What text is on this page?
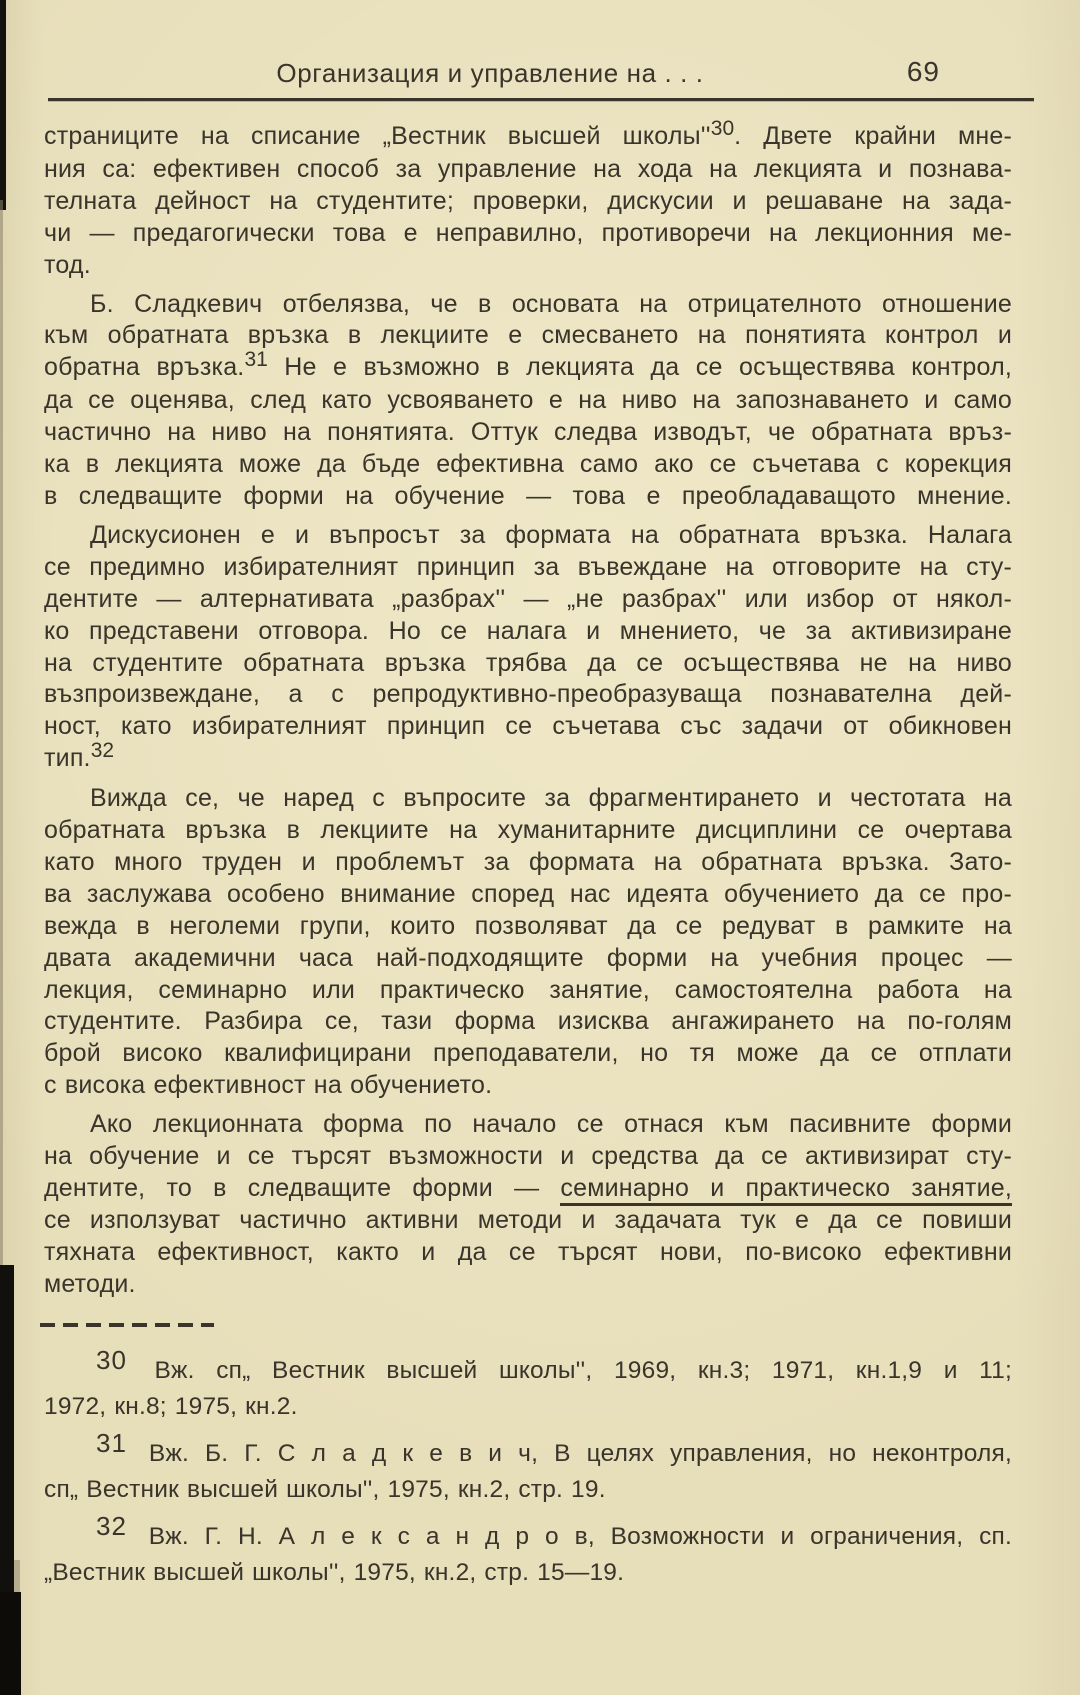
Организация и управление на . . .	69
страниците на списание „Вестник высшей $школы''^{30}$. Двете крайни мне-
ния са: ефективен способ за управление на хода на лекцията и познава-
телната дейност на студентите; проверки, дискусии и решаване на зада-
чи — предагогически това е неправилно, противоречи на лекционния ме-
тод.
Б. Сладкевич отбелязва, че в основата на отрицателното отношение
към обратната връзка в лекциите е смесването на понятията контрол и
обратна връзка.$^{31}$ Не е възможно в лекцията да се осъществява контрол,
да се оценява, след като усвояването е на ниво на запознаването и само
частично на ниво на понятията. Оттук следва изводът, че обратната връз-
ка в лекцията може да бъде ефективна само ако се съчетава с корекция
в следващите форми на обучение — това е преобладаващото мнение.
Дискусионен е и въпросът за формата на обратната връзка. Налага
се предимно избирателният принцип за въвеждане на отговорите на сту-
дентите — алтернативата „разбрах'' — „не разбрах'' или избор от някол-
ко представени отговора. Но се налага и мнението, че за активизиране
на студентите обратната връзка трябва да се осъществява не на ниво
възпроизвеждане, а с репродуктивно-преобразуваща познавателна дей-
ност, като избирателният принцип се съчетава със задачи от обикновен
тип.$^{32}$
Вижда се, че наред с въпросите за фрагментирането и честотата на
обратната връзка в лекциите на хуманитарните дисциплини се очертава
като много труден и проблемът за формата на обратната връзка. Зато-
ва заслужава особено внимание според нас идеята обучението да се про-
вежда в неголеми групи, които позволяват да се редуват в рамките на
двата академични часа най-подходящите форми на учебния процес —
лекция, семинарно или практическо занятие, самостоятелна работа на
студентите. Разбира се, тази форма изисква ангажирането на по-голям
брой високо квалифицирани преподаватели, но тя може да се отплати
с висока ефективност на обучението.
Ако лекционната форма по начало се отнася към пасивните форми
на обучение и се търсят възможности и средства да се активизират сту-
дентите, то в следващите форми — семинарно и практическо занятие,
се използуват частично активни методи и задачата тук е да се повиши
тяхната ефективност, както и да се търсят нови, по-високо ефективни
методи.
30 Вж. сп„ Вестник высшей школы'', 1969, кн.3; 1971, кн.1,9 и 11;
1972, кн.8; 1975, кн.2.
31 Вж. Б. Г. С л а д к е в и ч, В целях управления, но неконтроля,
сп„ Вестник высшей школы'', 1975, кн.2, стр. 19.
32 Вж. Г. Н. А л е к с а н д р о в, Возможности и ограничения, сп.
„Вестник высшей школы'', 1975, кн.2, стр. 15—19.
